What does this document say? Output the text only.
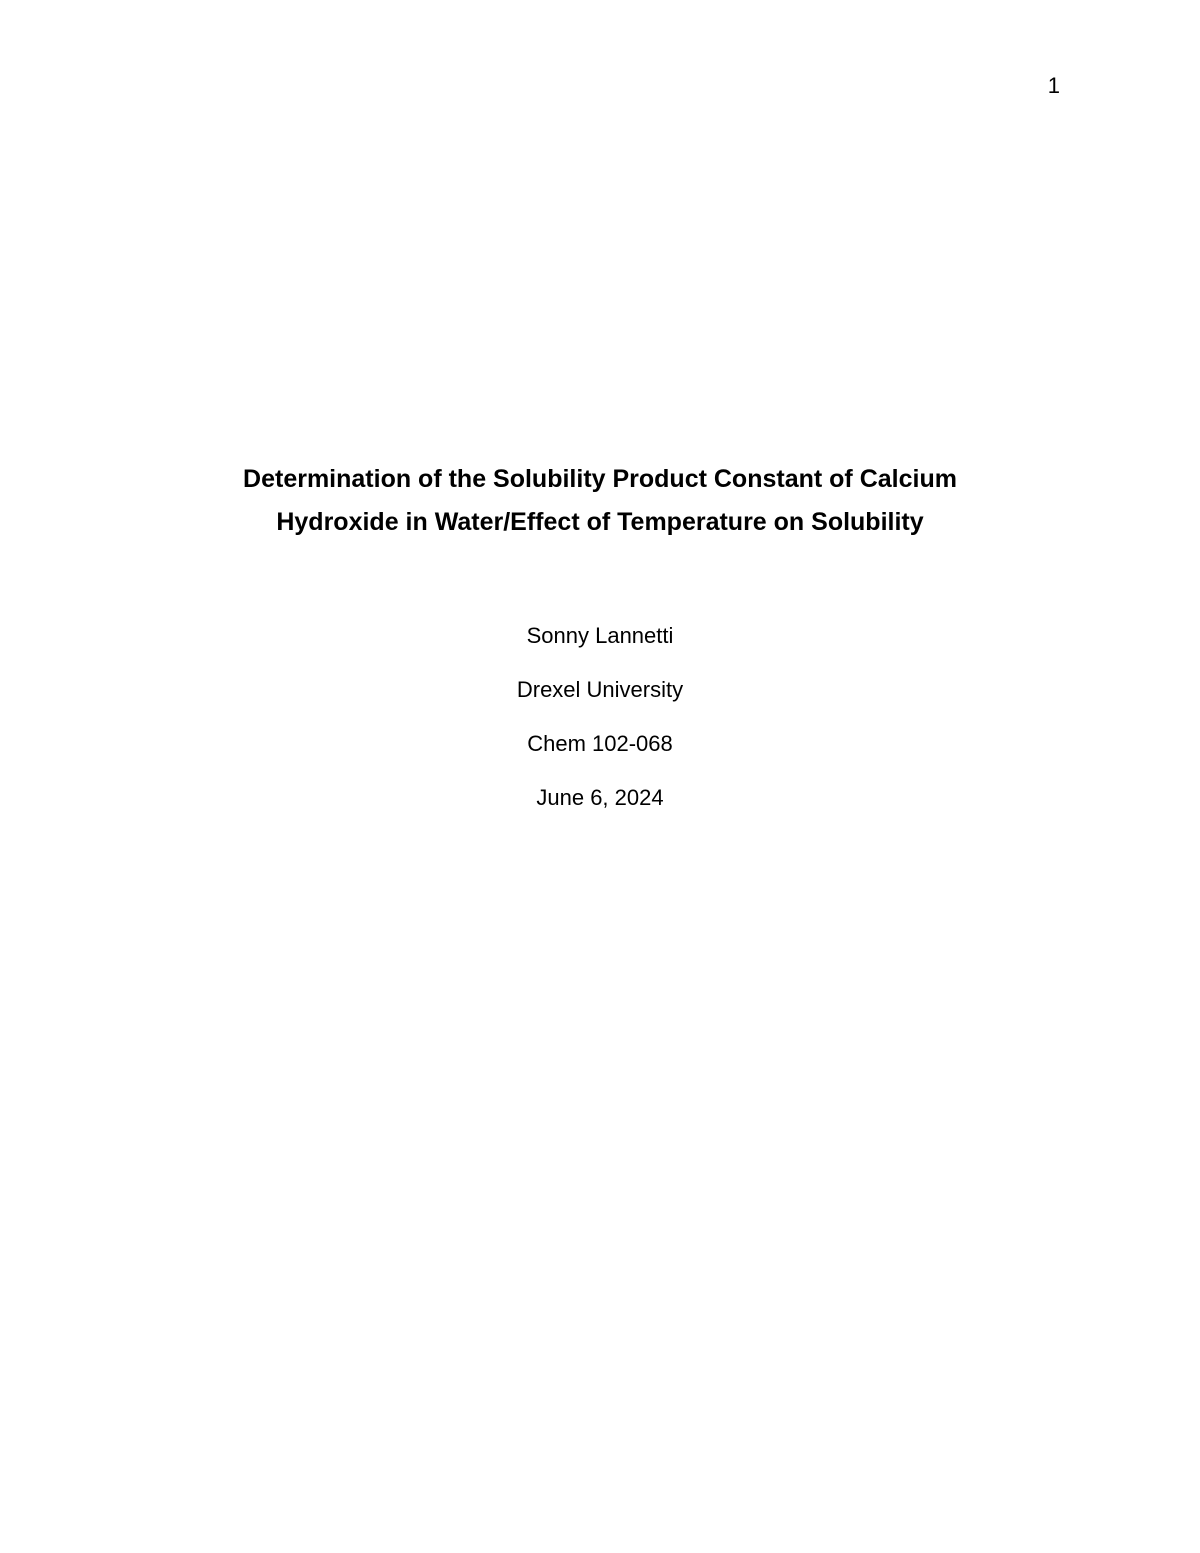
1

Determination of the Solubility Product Constant of Calcium

Hydroxide in Water/Effect of Temperature on Solubility

Sonny Lannetti

Drexel University

Chem 102-068

June 6, 2024
